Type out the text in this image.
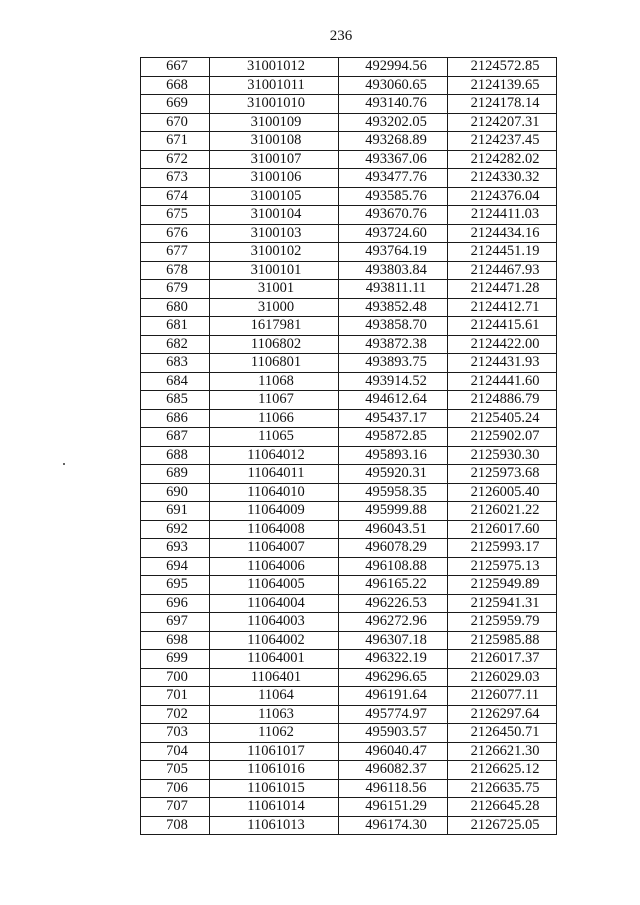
236
667	31001012	492994.56	2124572.85
668	31001011	493060.65	2124139.65
669	31001010	493140.76	2124178.14
670	3100109	493202.05	2124207.31
671	3100108	493268.89	2124237.45
672	3100107	493367.06	2124282.02
673	3100106	493477.76	2124330.32
674	3100105	493585.76	2124376.04
675	3100104	493670.76	2124411.03
676	3100103	493724.60	2124434.16
677	3100102	493764.19	2124451.19
678	3100101	493803.84	2124467.93
679	31001	493811.11	2124471.28
680	31000	493852.48	2124412.71
681	1617981	493858.70	2124415.61
682	1106802	493872.38	2124422.00
683	1106801	493893.75	2124431.93
684	11068	493914.52	2124441.60
685	11067	494612.64	2124886.79
686	11066	495437.17	2125405.24
687	11065	495872.85	2125902.07
688	11064012	495893.16	2125930.30
689	11064011	495920.31	2125973.68
690	11064010	495958.35	2126005.40
691	11064009	495999.88	2126021.22
692	11064008	496043.51	2126017.60
693	11064007	496078.29	2125993.17
694	11064006	496108.88	2125975.13
695	11064005	496165.22	2125949.89
696	11064004	496226.53	2125941.31
697	11064003	496272.96	2125959.79
698	11064002	496307.18	2125985.88
699	11064001	496322.19	2126017.37
700	1106401	496296.65	2126029.03
701	11064	496191.64	2126077.11
702	11063	495774.97	2126297.64
703	11062	495903.57	2126450.71
704	11061017	496040.47	2126621.30
705	11061016	496082.37	2126625.12
706	11061015	496118.56	2126635.75
707	11061014	496151.29	2126645.28
708	11061013	496174.30	2126725.05
